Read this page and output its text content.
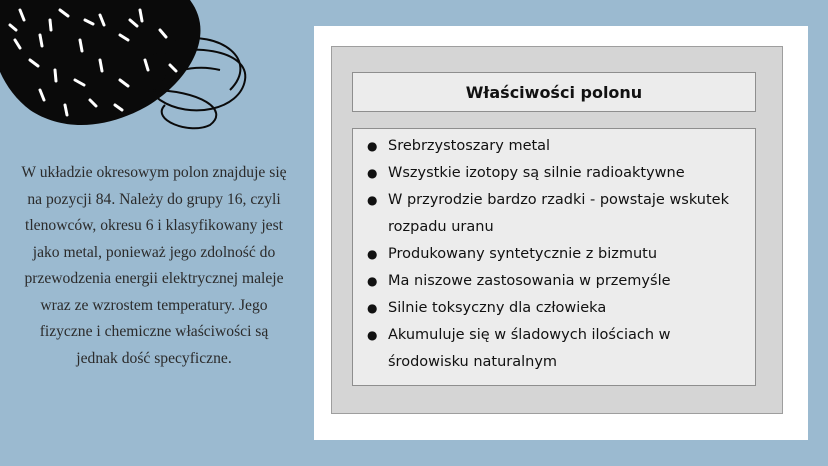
W układzie okresowym polon znajduje się na pozycji 84. Należy do grupy 16, czyli tlenowców, okresu 6 i klasyfikowany jest jako metal, ponieważ jego zdolność do przewodzenia energii elektrycznej maleje wraz ze wzrostem temperatury. Jego fizyczne i chemiczne właściwości są jednak dość specyficzne.

Właściwości polonu
● Srebrzystoszary metal
● Wszystkie izotopy są silnie radioaktywne
● W przyrodzie bardzo rzadki - powstaje wskutek rozpadu uranu
● Produkowany syntetycznie z bizmutu
● Ma niszowe zastosowania w przemyśle
● Silnie toksyczny dla człowieka
● Akumuluje się w śladowych ilościach w środowisku naturalnym
